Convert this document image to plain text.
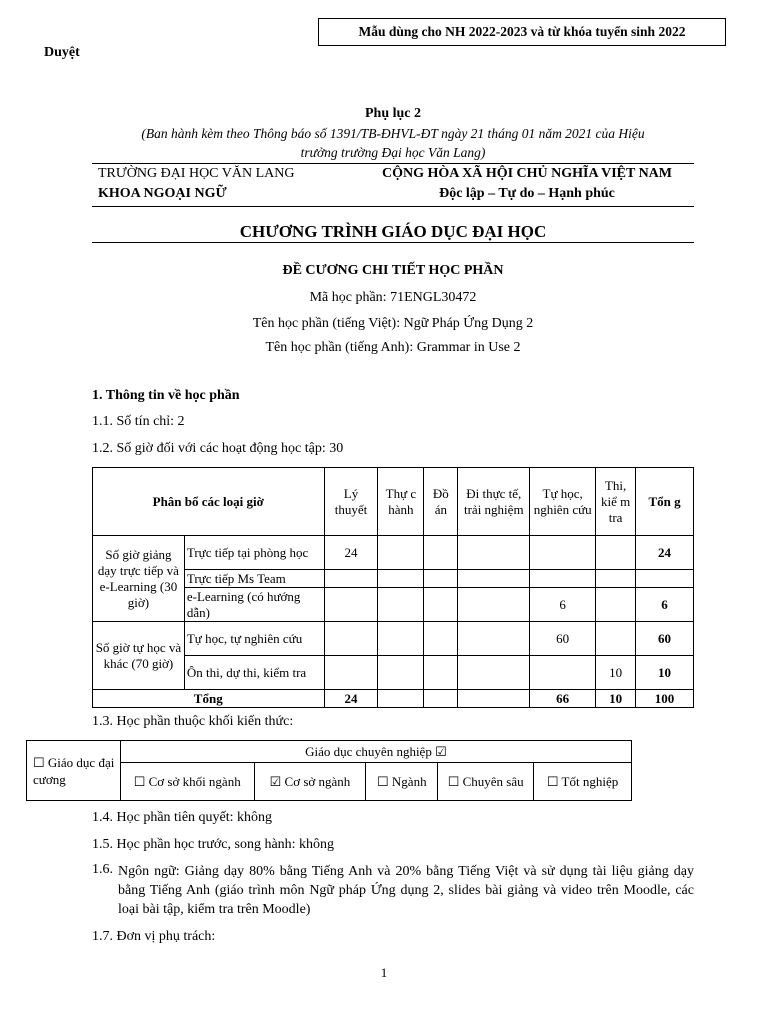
Mẫu dùng cho NH 2022-2023 và từ khóa tuyển sinh 2022
Duyệt
Phụ lục 2
(Ban hành kèm theo Thông báo số 1391/TB-ĐHVL-ĐT ngày 21 tháng 01 năm 2021 của Hiệu
trưởng trường Đại học Văn Lang)
TRƯỜNG ĐẠI HỌC VĂN LANG
KHOA NGOẠI NGỮ
CỘNG HÒA XÃ HỘI CHỦ NGHĨA VIỆT NAM
Độc lập – Tự do – Hạnh phúc
CHƯƠNG TRÌNH GIÁO DỤC ĐẠI HỌC
ĐỀ CƯƠNG CHI TIẾT HỌC PHẦN
Mã học phần: 71ENGL30472
Tên học phần (tiếng Việt): Ngữ Pháp Ứng Dụng 2
Tên học phần (tiếng Anh): Grammar in Use 2
1. Thông tin về học phần
1.1. Số tín chỉ: 2
1.2. Số giờ đối với các hoạt động học tập: 30
Phân bổ các loại giờ		Lý thuyết	Thự c hành	Đồ án	Đi thực tế, trải nghiệm	Tự học, nghiên cứu	Thi, kiể m tra	Tổn g
Số giờ giảng dạy trực tiếp và e-Learning (30 giờ)	Trực tiếp tại phòng học	24						24
	Trực tiếp Ms Team							
	e-Learning (có hướng dẫn)					6		6
Số giờ tự học và khác (70 giờ)	Tự học, tự nghiên cứu					60		60
	Ôn thi, dự thi, kiểm tra						10	10
Tổng		24				66	10	100
1.3. Học phần thuộc khối kiến thức:
☐ Giáo dục đại cương	Giáo dục chuyên nghiệp ☑				
	☐ Cơ sở khối ngành	☑ Cơ sở ngành	☐ Ngành	☐ Chuyên sâu	☐ Tốt nghiệp
1.4. Học phần tiên quyết: không
1.5. Học phần học trước, song hành: không
1.6. Ngôn ngữ: Giảng dạy 80% bằng Tiếng Anh và 20% bằng Tiếng Việt và sử dụng tài liệu giảng dạy bằng Tiếng Anh (giáo trình môn Ngữ pháp Ứng dụng 2, slides bài giảng và video trên Moodle, các loại bài tập, kiểm tra trên Moodle)
1.7. Đơn vị phụ trách:
1
